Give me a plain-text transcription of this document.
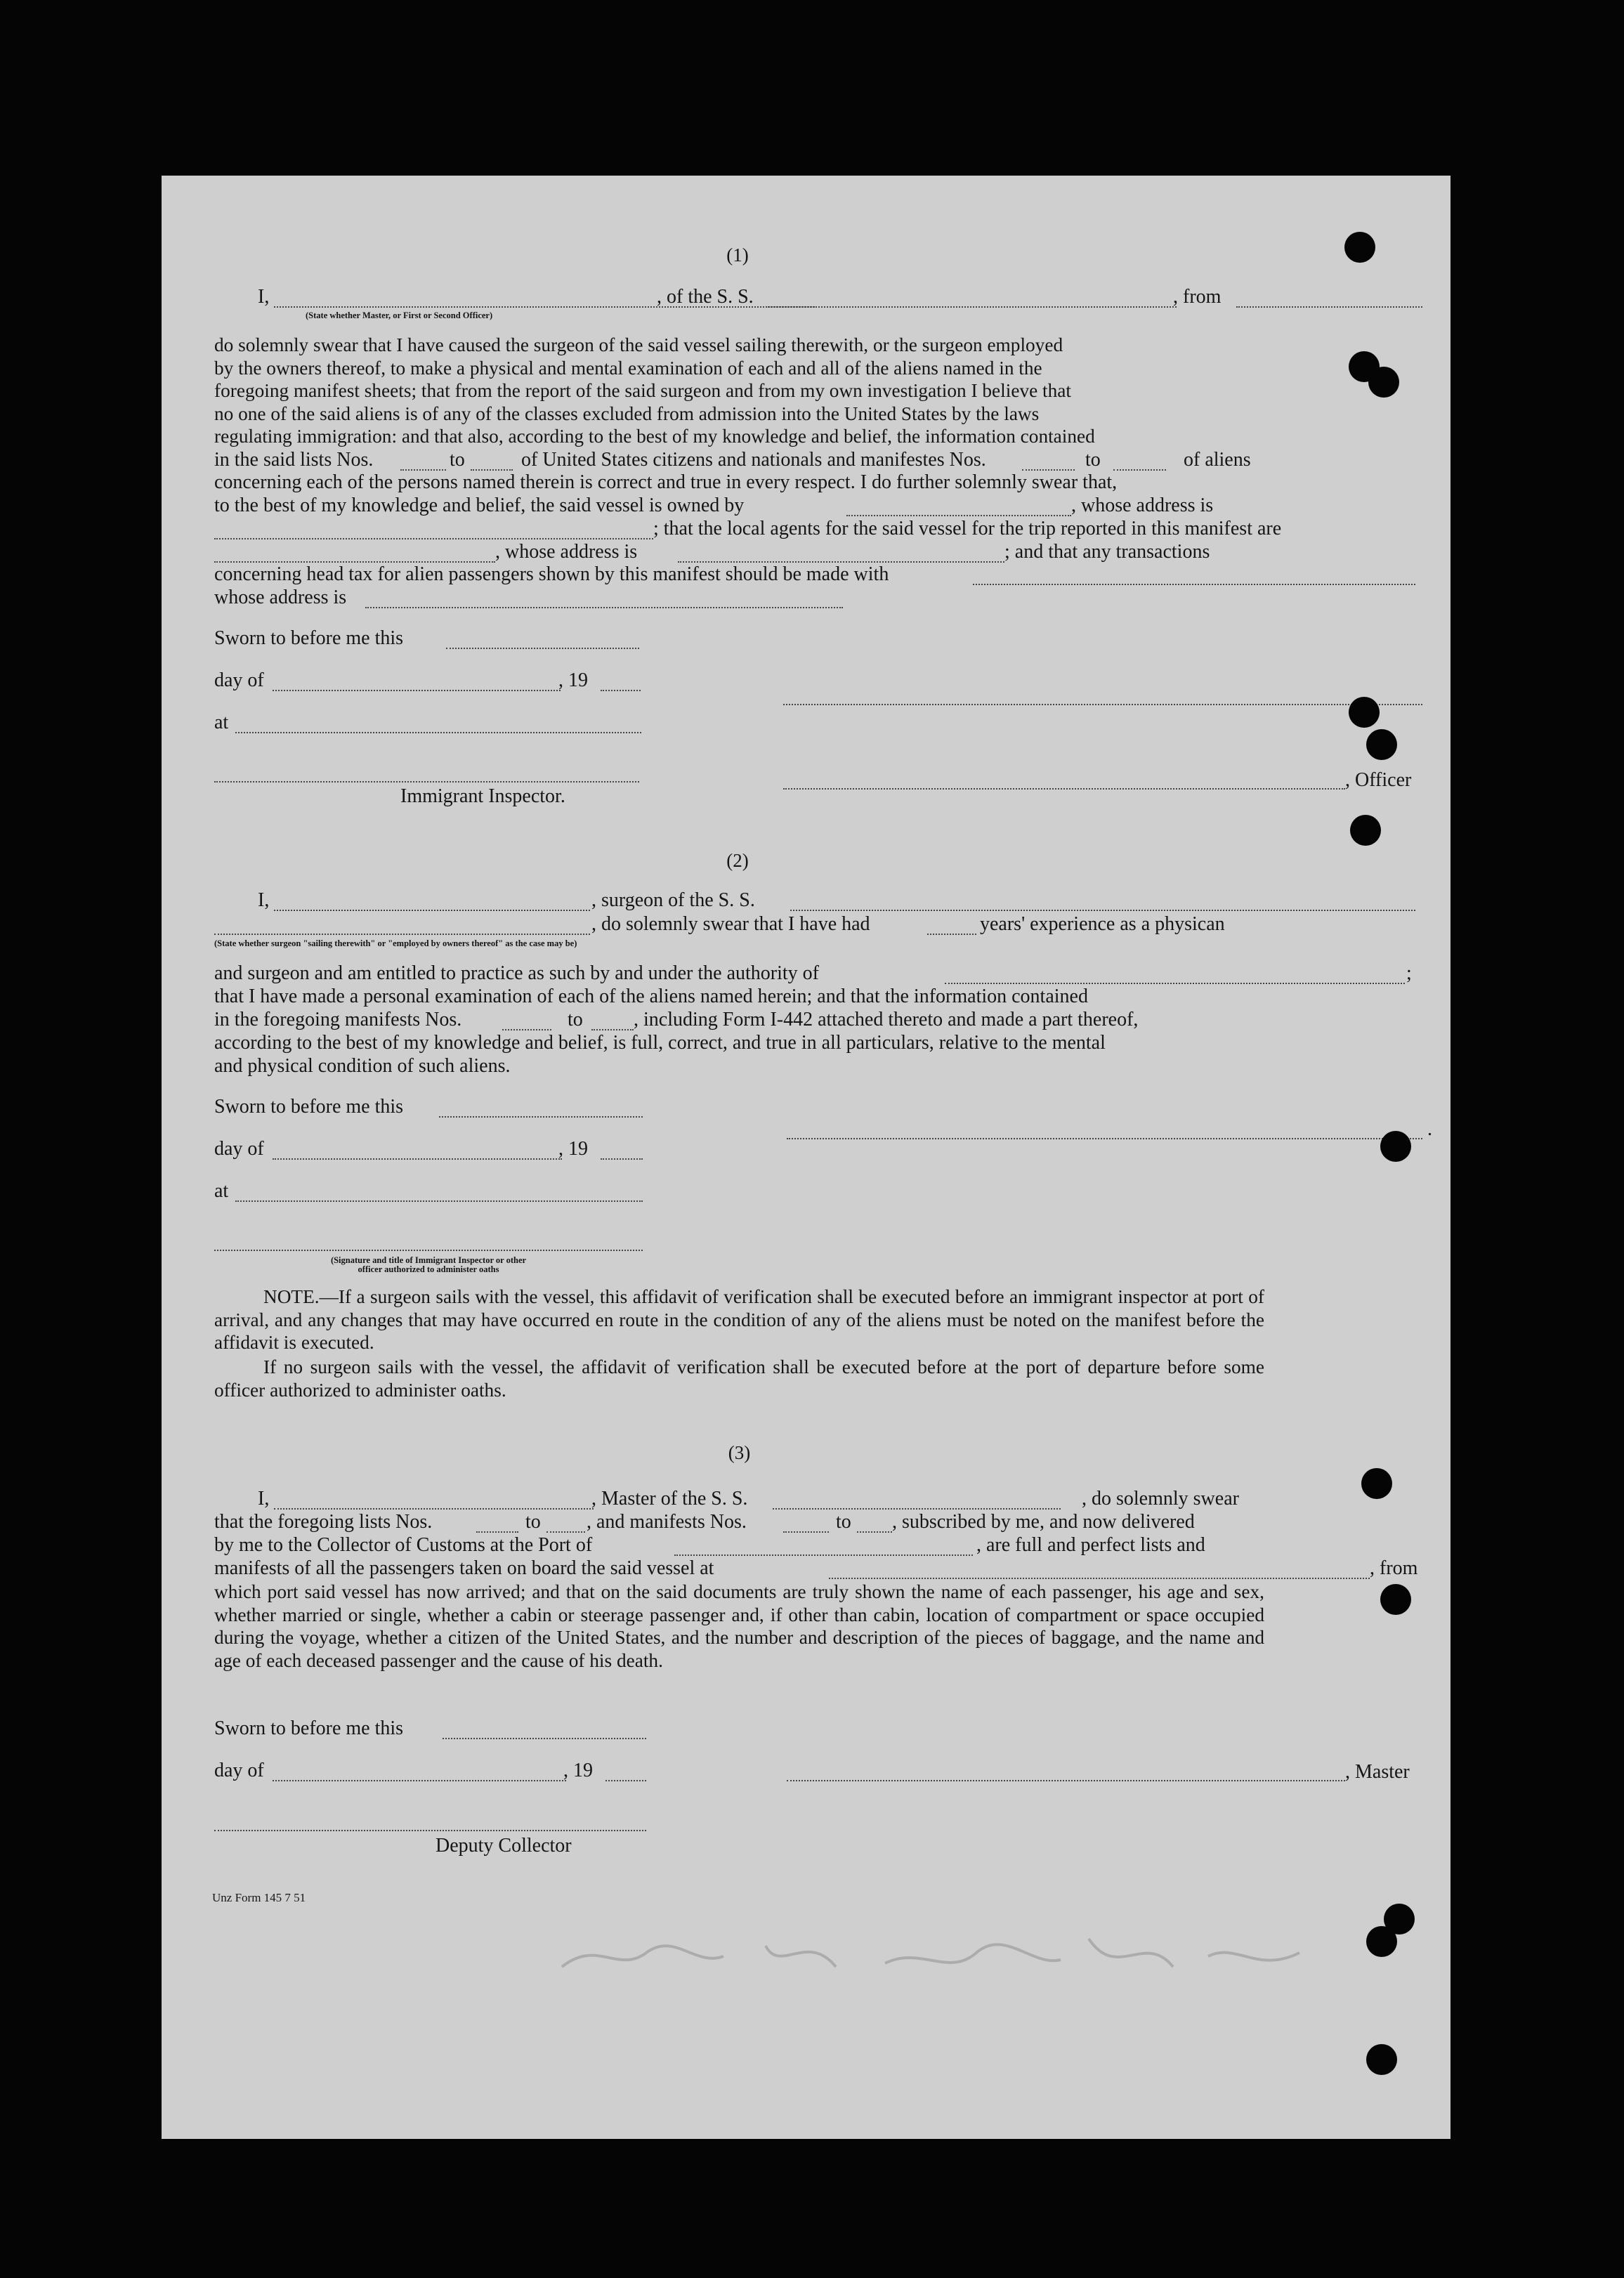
(1)
I,	, of the S. S.	, from
(State whether Master, or First or Second Officer)
do solemnly swear that I have caused the surgeon of the said vessel sailing therewith, or the surgeon employed
by the owners thereof, to make a physical and mental examination of each and all of the aliens named in the
foregoing manifest sheets; that from the report of the said surgeon and from my own investigation I believe that
no one of the said aliens is of any of the classes excluded from admission into the United States by the laws
regulating immigration: and that also, according to the best of my knowledge and belief, the information contained
in the said lists Nos.	to	of United States citizens and nationals and manifestes Nos.	to	of aliens
concerning each of the persons named therein is correct and true in every respect. I do further solemnly swear that,
to the best of my knowledge and belief, the said vessel is owned by	, whose address is
; that the local agents for the said vessel for the trip reported in this manifest are
, whose address is	; and that any transactions
concerning head tax for alien passengers shown by this manifest should be made with
whose address is
Sworn to before me this
day of	, 19
at
, Officer
Immigrant Inspector.
(2)
I,	, surgeon of the S. S.
, do solemnly swear that I have had	years' experience as a physican
(State whether surgeon "sailing therewith" or "employed by owners thereof" as the case may be)
and surgeon and am entitled to practice as such by and under the authority of	;
that I have made a personal examination of each of the aliens named herein; and that the information contained
in the foregoing manifests Nos.	to	, including Form I-442 attached thereto and made a part thereof,
according to the best of my knowledge and belief, is full, correct, and true in all particulars, relative to the mental
and physical condition of such aliens.
Sworn to before me this
.
day of	, 19
at
(Signature and title of Immigrant Inspector or other
officer authorized to administer oaths
NOTE.—If a surgeon sails with the vessel, this affidavit of verification shall be executed before an immigrant inspector at port of arrival, and any changes that may have occurred en route in the condition of any of the aliens must be noted on the manifest before the affidavit is executed.
If no surgeon sails with the vessel, the affidavit of verification shall be executed before at the port of departure before some officer authorized to administer oaths.
(3)
I,	, Master of the S. S.	, do solemnly swear
that the foregoing lists Nos.	to , and manifests Nos.	to , subscribed by me, and now delivered
by me to the Collector of Customs at the Port of	, are full and perfect lists and
manifests of all the passengers taken on board the said vessel at	, from
which port said vessel has now arrived; and that on the said documents are truly shown the name of each passenger, his age and sex, whether married or single, whether a cabin or steerage passenger and, if other than cabin, location of compartment or space occupied during the voyage, whether a citizen of the United States, and the number and description of the pieces of baggage, and the name and age of each deceased passenger and the cause of his death.
Sworn to before me this
day of	, 19	, Master
Deputy Collector
Unz Form 145 7 51
